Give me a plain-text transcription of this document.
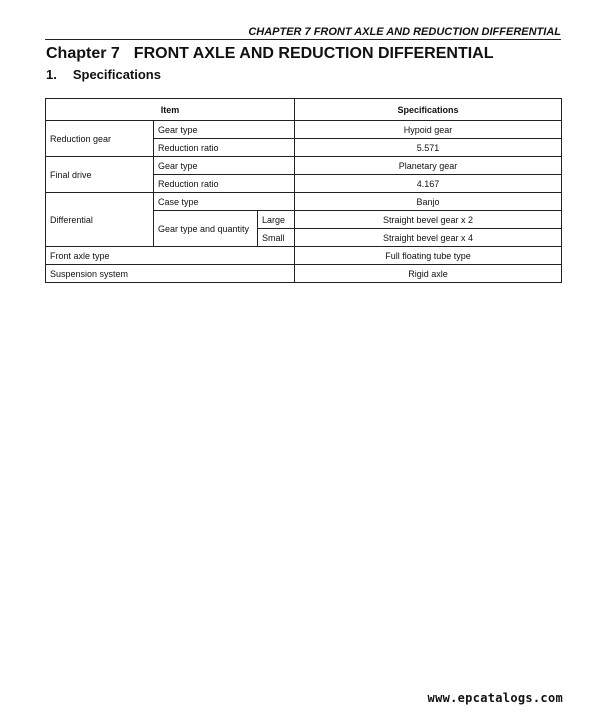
CHAPTER 7 FRONT AXLE AND REDUCTION DIFFERENTIAL
Chapter 7 FRONT AXLE AND REDUCTION DIFFERENTIAL
1. Specifications
Item			Specifications
Reduction gear	Gear type		Hypoid gear
	Reduction ratio		5.571
Final drive	Gear type		Planetary gear
	Reduction ratio		4.167
Differential	Case type		Banjo
	Gear type and quantity	Large	Straight bevel gear x 2
		Small	Straight bevel gear x 4
Front axle type			Full floating tube type
Suspension system			Rigid axle
www.epcatalogs.com
